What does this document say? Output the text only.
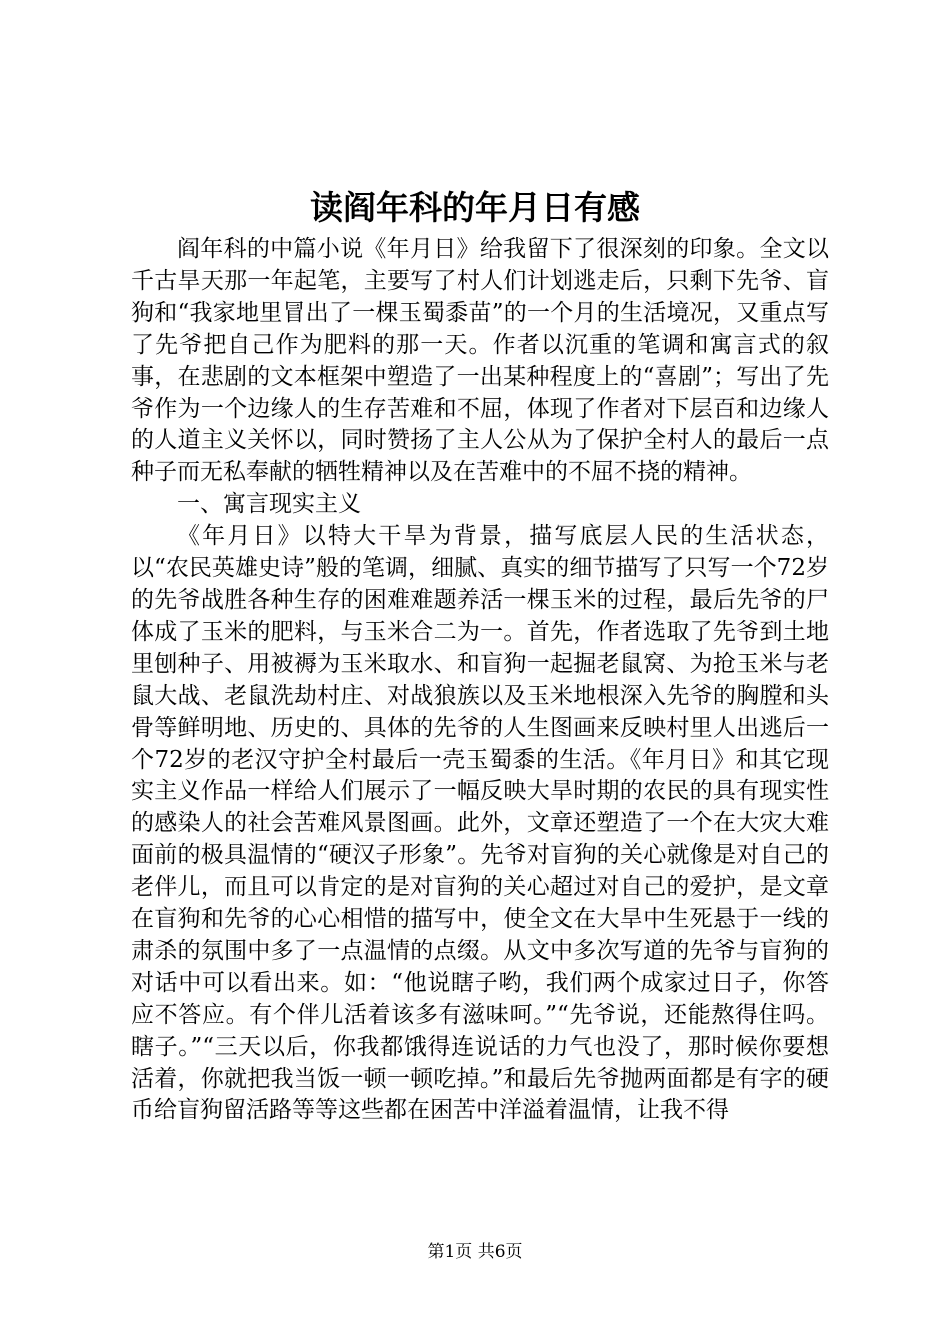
读阎年科的年月日有感

阎年科的中篇小说《年月日》给我留下了很深刻的印象。全文以千古旱天那一年起笔，主要写了村人们计划逃走后，只剩下先爷、盲狗和“我家地里冒出了一棵玉蜀黍苗”的一个月的生活境况，又重点写了先爷把自己作为肥料的那一天。作者以沉重的笔调和寓言式的叙事，在悲剧的文本框架中塑造了一出某种程度上的“喜剧”；写出了先爷作为一个边缘人的生存苦难和不屈，体现了作者对下层百和边缘人的人道主义关怀以，同时赞扬了主人公从为了保护全村人的最后一点种子而无私奉献的牺牲精神以及在苦难中的不屈不挠的精神。

一、寓言现实主义

《年月日》以特大干旱为背景，描写底层人民的生活状态，以“农民英雄史诗”般的笔调，细腻、真实的细节描写了只写一个72岁的先爷战胜各种生存的困难难题养活一棵玉米的过程，最后先爷的尸体成了玉米的肥料，与玉米合二为一。首先，作者选取了先爷到土地里刨种子、用被褥为玉米取水、和盲狗一起掘老鼠窝、为抢玉米与老鼠大战、老鼠洗劫村庄、对战狼族以及玉米地根深入先爷的胸膛和头骨等鲜明地、历史的、具体的先爷的人生图画来反映村里人出逃后一个72岁的老汉守护全村最后一壳玉蜀黍的生活。《年月日》和其它现实主义作品一样给人们展示了一幅反映大旱时期的农民的具有现实性的感染人的社会苦难风景图画。此外，文章还塑造了一个在大灾大难面前的极具温情的“硬汉子形象”。先爷对盲狗的关心就像是对自己的老伴儿，而且可以肯定的是对盲狗的关心超过对自己的爱护，是文章在盲狗和先爷的心心相惜的描写中，使全文在大旱中生死悬于一线的肃杀的氛围中多了一点温情的点缀。从文中多次写道的先爷与盲狗的对话中可以看出来。如：“他说瞎子哟，我们两个成家过日子，你答应不答应。有个伴儿活着该多有滋味呵。”“先爷说，还能熬得住吗。瞎子。”“三天以后，你我都饿得连说话的力气也没了，那时候你要想活着，你就把我当饭一顿一顿吃掉。”和最后先爷抛两面都是有字的硬币给盲狗留活路等等这些都在困苦中洋溢着温情，让我不得

第1页 共6页
